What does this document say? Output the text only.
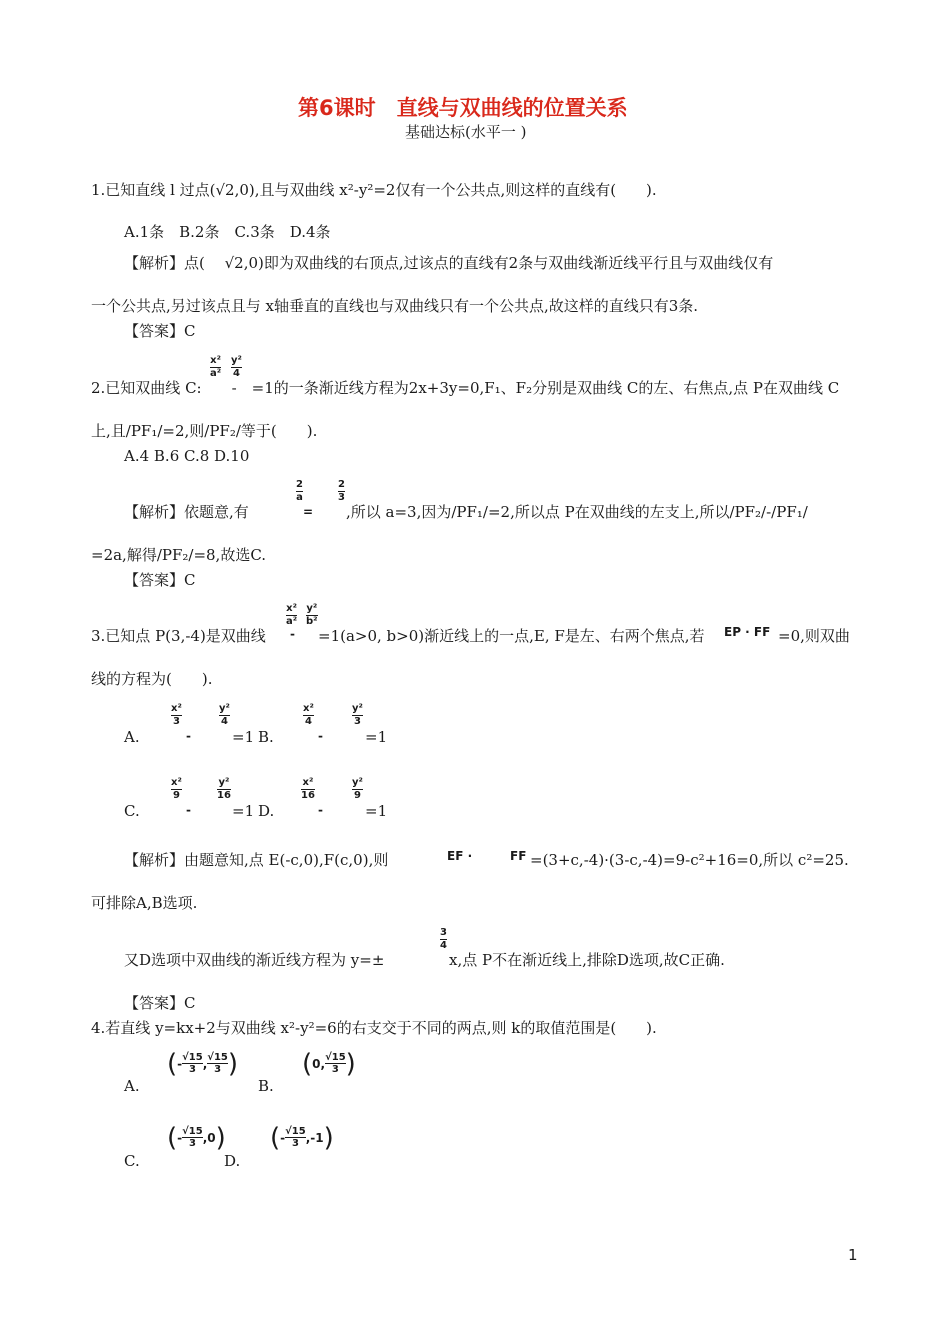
第6课时　直线与双曲线的位置关系
基础达标(水平一 )
1.已知直线 l 过点(√2,0),且与双曲线 x²-y²=2仅有一个公共点,则这样的直线有(　　).
A.1条　B.2条　C.3条　D.4条
【解析】点(　 √2,0)即为双曲线的右顶点,过该点的直线有2条与双曲线渐近线平行且与双曲线仅有
一个公共点,另过该点且与 x轴垂直的直线也与双曲线只有一个公共点,故这样的直线只有3条.
【答案】C
x²
a²
y²
4
2.已知双曲线 C:　　-　=1的一条渐近线方程为2x+3y=0,F₁、F₂分别是双曲线 C的左、右焦点,点 P在双曲线 C
上,且/PF₁/=2,则/PF₂/等于(　　).
A.4 B.6 C.8 D.10
2
a
=
2
3
【解析】依题意,有	,所以 a=3,因为/PF₁/=2,所以点 P在双曲线的左支上,所以/PF₂/-/PF₁/
=2a,解得/PF₂/=8,故选C.
【答案】C
x²
a²
-
y²
b²
3.已知点 P(3,-4)是双曲线	=1(a>0, b>0)渐近线上的一点,E, F是左、右两个焦点,若 EP · FF =0,则双曲
线的方程为(　　).
A.
x²
3
-
y²
4
=1 B.
x²
4
-
y²
3
=1
C.
x²
9
-
y²
16
=1 D.
x²
16
-
y²
9
=1
【解析】由题意知,点 E(-c,0),F(c,0),则	EF ·	FF =(3+c,-4)·(3-c,-4)=9-c²+16=0,所以 c²=25.
可排除A,B选项.
3
4
又D选项中双曲线的渐近线方程为 y=±	x,点 P不在渐近线上,排除D选项,故C正确.
【答案】C
4.若直线 y=kx+2与双曲线 x²-y²=6的右支交于不同的两点,则 k的取值范围是(　　).
A.
( - √15
3 , √15
3 )
B.
( 0, √15
3 )
C.
( - √15
3 ,0 )
D.
( - √15
3 ,-1 )
1
